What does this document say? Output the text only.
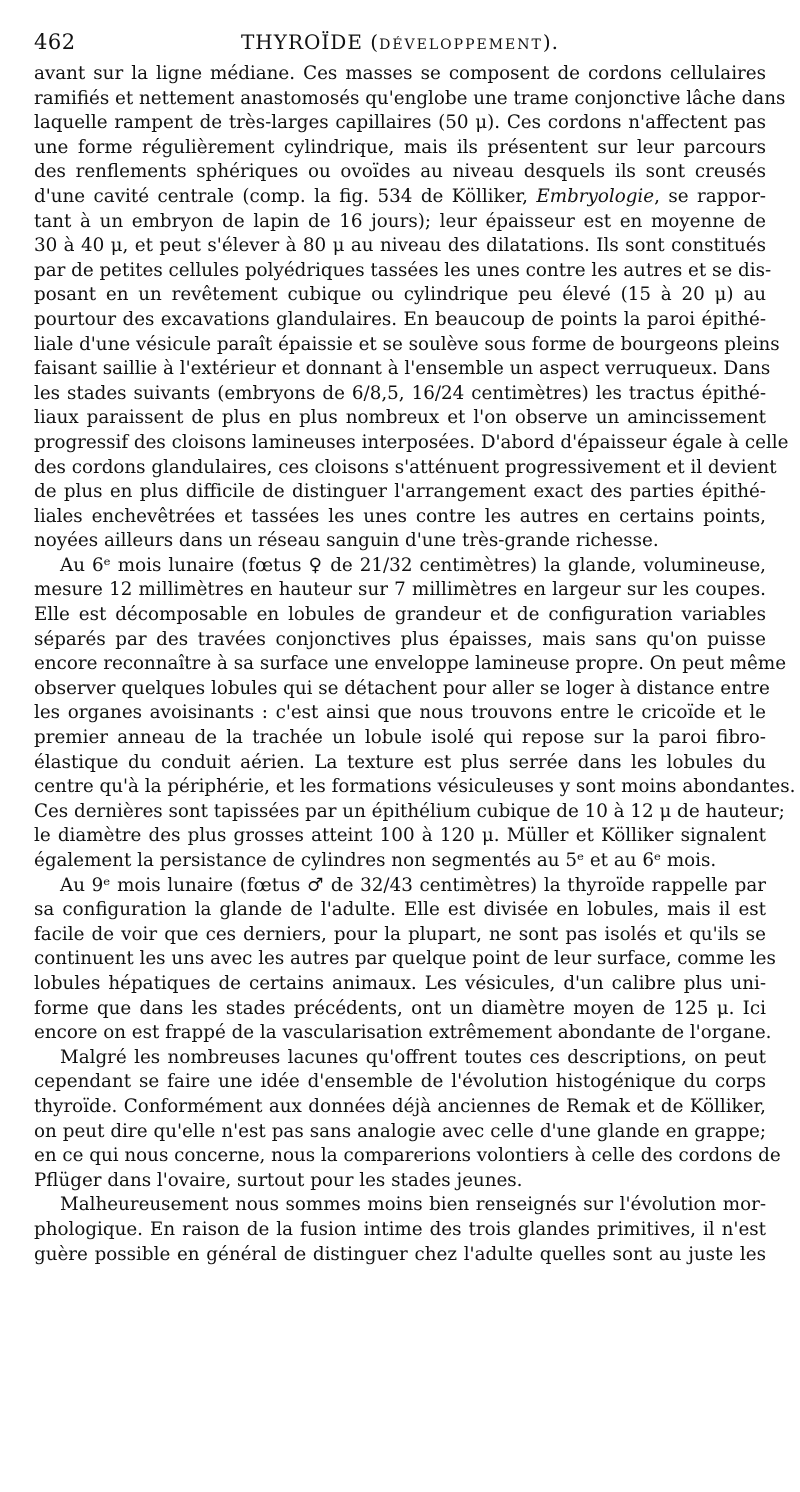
462	THYROÏDE (DÉVELOPPEMENT).

avant sur la ligne médiane. Ces masses se composent de cordons cellulaires
ramifiés et nettement anastomosés qu'englobe une trame conjonctive lâche dans
laquelle rampent de très-larges capillaires (50 μ). Ces cordons n'affectent pas
une forme régulièrement cylindrique, mais ils présentent sur leur parcours
des renflements sphériques ou ovoïdes au niveau desquels ils sont creusés
d'une cavité centrale (comp. la fig. 534 de Kölliker, Embryologie, se rappor-
tant à un embryon de lapin de 16 jours); leur épaisseur est en moyenne de
30 à 40 μ, et peut s'élever à 80 μ au niveau des dilatations. Ils sont constitués
par de petites cellules polyédriques tassées les unes contre les autres et se dis-
posant en un revêtement cubique ou cylindrique peu élevé (15 à 20 μ) au
pourtour des excavations glandulaires. En beaucoup de points la paroi épithé-
liale d'une vésicule paraît épaissie et se soulève sous forme de bourgeons pleins
faisant saillie à l'extérieur et donnant à l'ensemble un aspect verruqueux. Dans
les stades suivants (embryons de 6/8,5, 16/24 centimètres) les tractus épithé-
liaux paraissent de plus en plus nombreux et l'on observe un amincissement
progressif des cloisons lamineuses interposées. D'abord d'épaisseur égale à celle
des cordons glandulaires, ces cloisons s'atténuent progressivement et il devient
de plus en plus difficile de distinguer l'arrangement exact des parties épithé-
liales enchevêtrées et tassées les unes contre les autres en certains points,
noyées ailleurs dans un réseau sanguin d'une très-grande richesse.

Au 6ᵉ mois lunaire (fœtus ♀ de 21/32 centimètres) la glande, volumineuse,
mesure 12 millimètres en hauteur sur 7 millimètres en largeur sur les coupes.
Elle est décomposable en lobules de grandeur et de configuration variables
séparés par des travées conjonctives plus épaisses, mais sans qu'on puisse
encore reconnaître à sa surface une enveloppe lamineuse propre. On peut même
observer quelques lobules qui se détachent pour aller se loger à distance entre
les organes avoisinants : c'est ainsi que nous trouvons entre le cricoïde et le
premier anneau de la trachée un lobule isolé qui repose sur la paroi fibro-
élastique du conduit aérien. La texture est plus serrée dans les lobules du
centre qu'à la périphérie, et les formations vésiculeuses y sont moins abondantes.
Ces dernières sont tapissées par un épithélium cubique de 10 à 12 μ de hauteur;
le diamètre des plus grosses atteint 100 à 120 μ. Müller et Kölliker signalent
également la persistance de cylindres non segmentés au 5ᵉ et au 6ᵉ mois.

Au 9ᵉ mois lunaire (fœtus ♂ de 32/43 centimètres) la thyroïde rappelle par
sa configuration la glande de l'adulte. Elle est divisée en lobules, mais il est
facile de voir que ces derniers, pour la plupart, ne sont pas isolés et qu'ils se
continuent les uns avec les autres par quelque point de leur surface, comme les
lobules hépatiques de certains animaux. Les vésicules, d'un calibre plus uni-
forme que dans les stades précédents, ont un diamètre moyen de 125 μ. Ici
encore on est frappé de la vascularisation extrêmement abondante de l'organe.

Malgré les nombreuses lacunes qu'offrent toutes ces descriptions, on peut
cependant se faire une idée d'ensemble de l'évolution histogénique du corps
thyroïde. Conformément aux données déjà anciennes de Remak et de Kölliker,
on peut dire qu'elle n'est pas sans analogie avec celle d'une glande en grappe;
en ce qui nous concerne, nous la comparerions volontiers à celle des cordons de
Pflüger dans l'ovaire, surtout pour les stades jeunes.

Malheureusement nous sommes moins bien renseignés sur l'évolution mor-
phologique. En raison de la fusion intime des trois glandes primitives, il n'est
guère possible en général de distinguer chez l'adulte quelles sont au juste les
